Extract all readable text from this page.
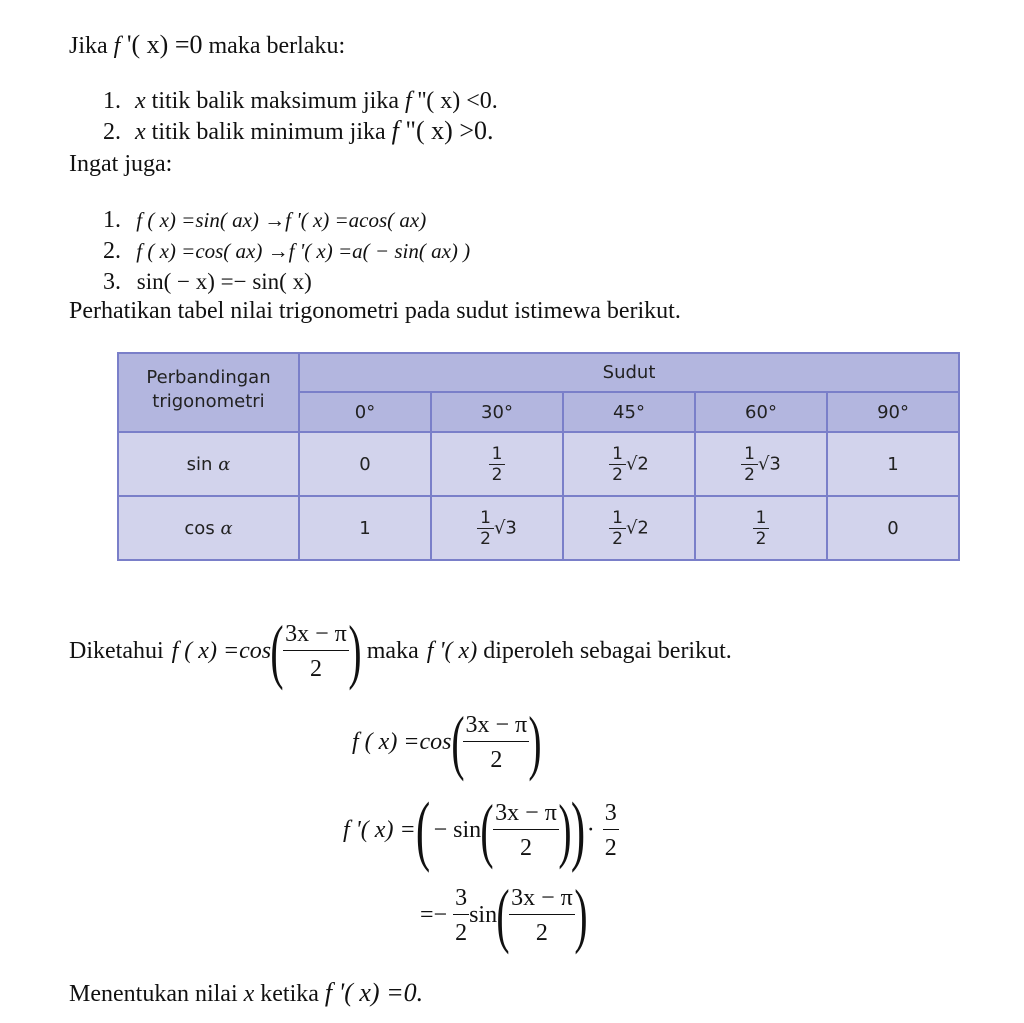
Jika f '( x) =0 maka berlaku:
1. x titik balik maksimum jika f ''( x) <0.
2. x titik balik minimum jika f "( x) >0.
Ingat juga:
1. f ( x) =sin( ax) →f '( x) =acos( ax)
2. f ( x) =cos( ax) →f '( x) =a( − sin( ax) )
3. sin( − x) =− sin( x)
Perhatikan tabel nilai trigonometri pada sudut istimewa berikut.
Perbandingan
trigonometri	Sudut				
	0°	30°	45°	60°	90°
sin α	0	$\frac{1}{2}$	$\frac{1}{2} √2$	$\frac{1}{2} √3$	1
cos α	1	$\frac{1}{2} √3$	$\frac{1}{2} √2$	$\frac{1}{2}$	0
Diketahui f ( x) =cos ( $\frac{3x - \pi}{2}$ ) maka f '( x) diperoleh sebagai berikut.
f ( x) =cos ( $\frac{3x - \pi}{2}$ )
f '( x) = ( − sin ( $\frac{3x - \pi}{2}$ ) ) · $\frac{3}{2}$
=− $\frac{3}{2}$ sin ( $\frac{3x - \pi}{2}$ )
Menentukan nilai x ketika f '( x) =0.
